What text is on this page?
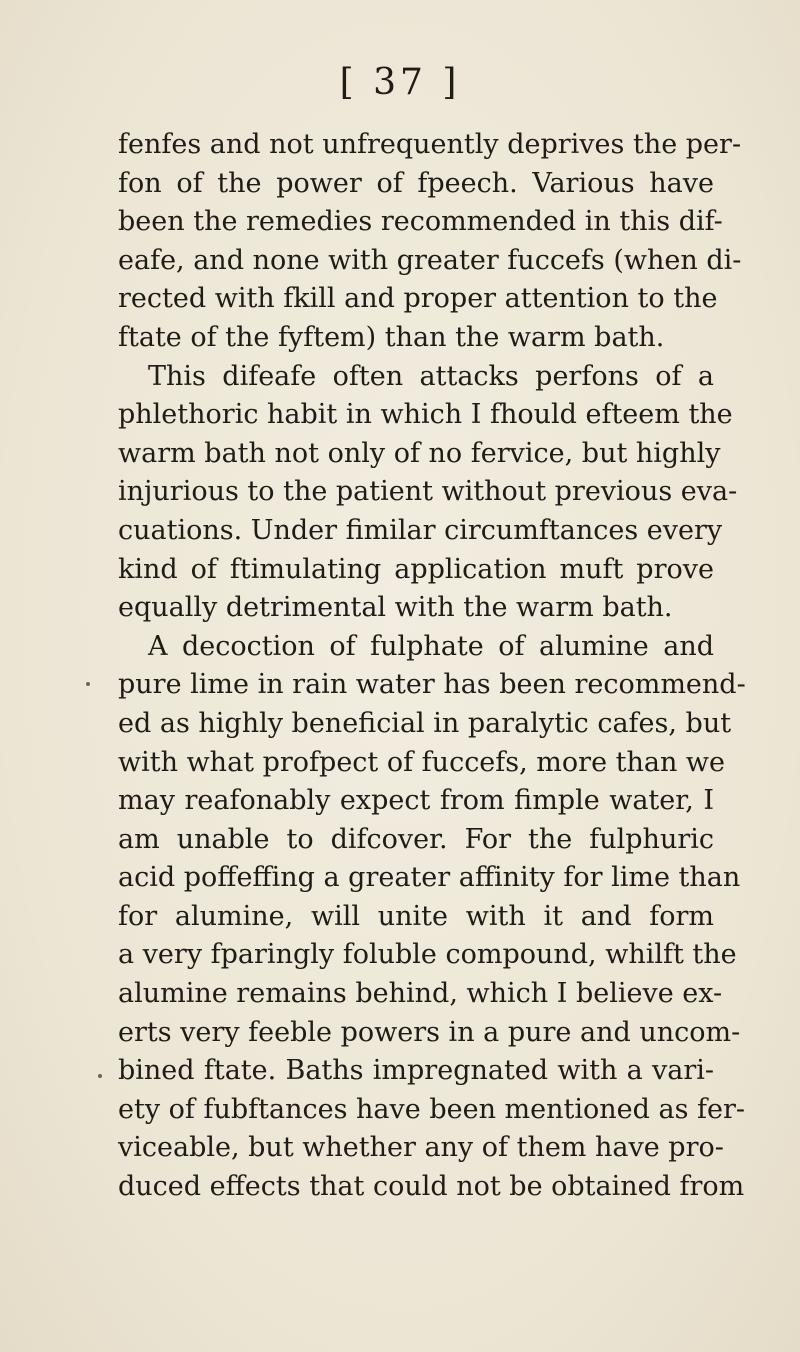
[ 37 ]
fenfes and not unfrequently deprives the per-
fon of the power of fpeech. Various have
been the remedies recommended in this dif-
eafe, and none with greater fuccefs (when di-
rected with fkill and proper attention to the
ftate of the fyftem) than the warm bath.
This difeafe often attacks perfons of a
phlethoric habit in which I fhould efteem the
warm bath not only of no fervice, but highly
injurious to the patient without previous eva-
cuations. Under fimilar circumftances every
kind of ftimulating application muft prove
equally detrimental with the warm bath.
A decoction of fulphate of alumine and
pure lime in rain water has been recommend-
ed as highly beneficial in paralytic cafes, but
with what profpect of fuccefs, more than we
may reafonably expect from fimple water, I
am unable to difcover. For the fulphuric
acid poffeffing a greater affinity for lime than
for alumine, will unite with it and form
a very fparingly foluble compound, whilft the
alumine remains behind, which I believe ex-
erts very feeble powers in a pure and uncom-
bined ftate. Baths impregnated with a vari-
ety of fubftances have been mentioned as fer-
viceable, but whether any of them have pro-
duced effects that could not be obtained from
